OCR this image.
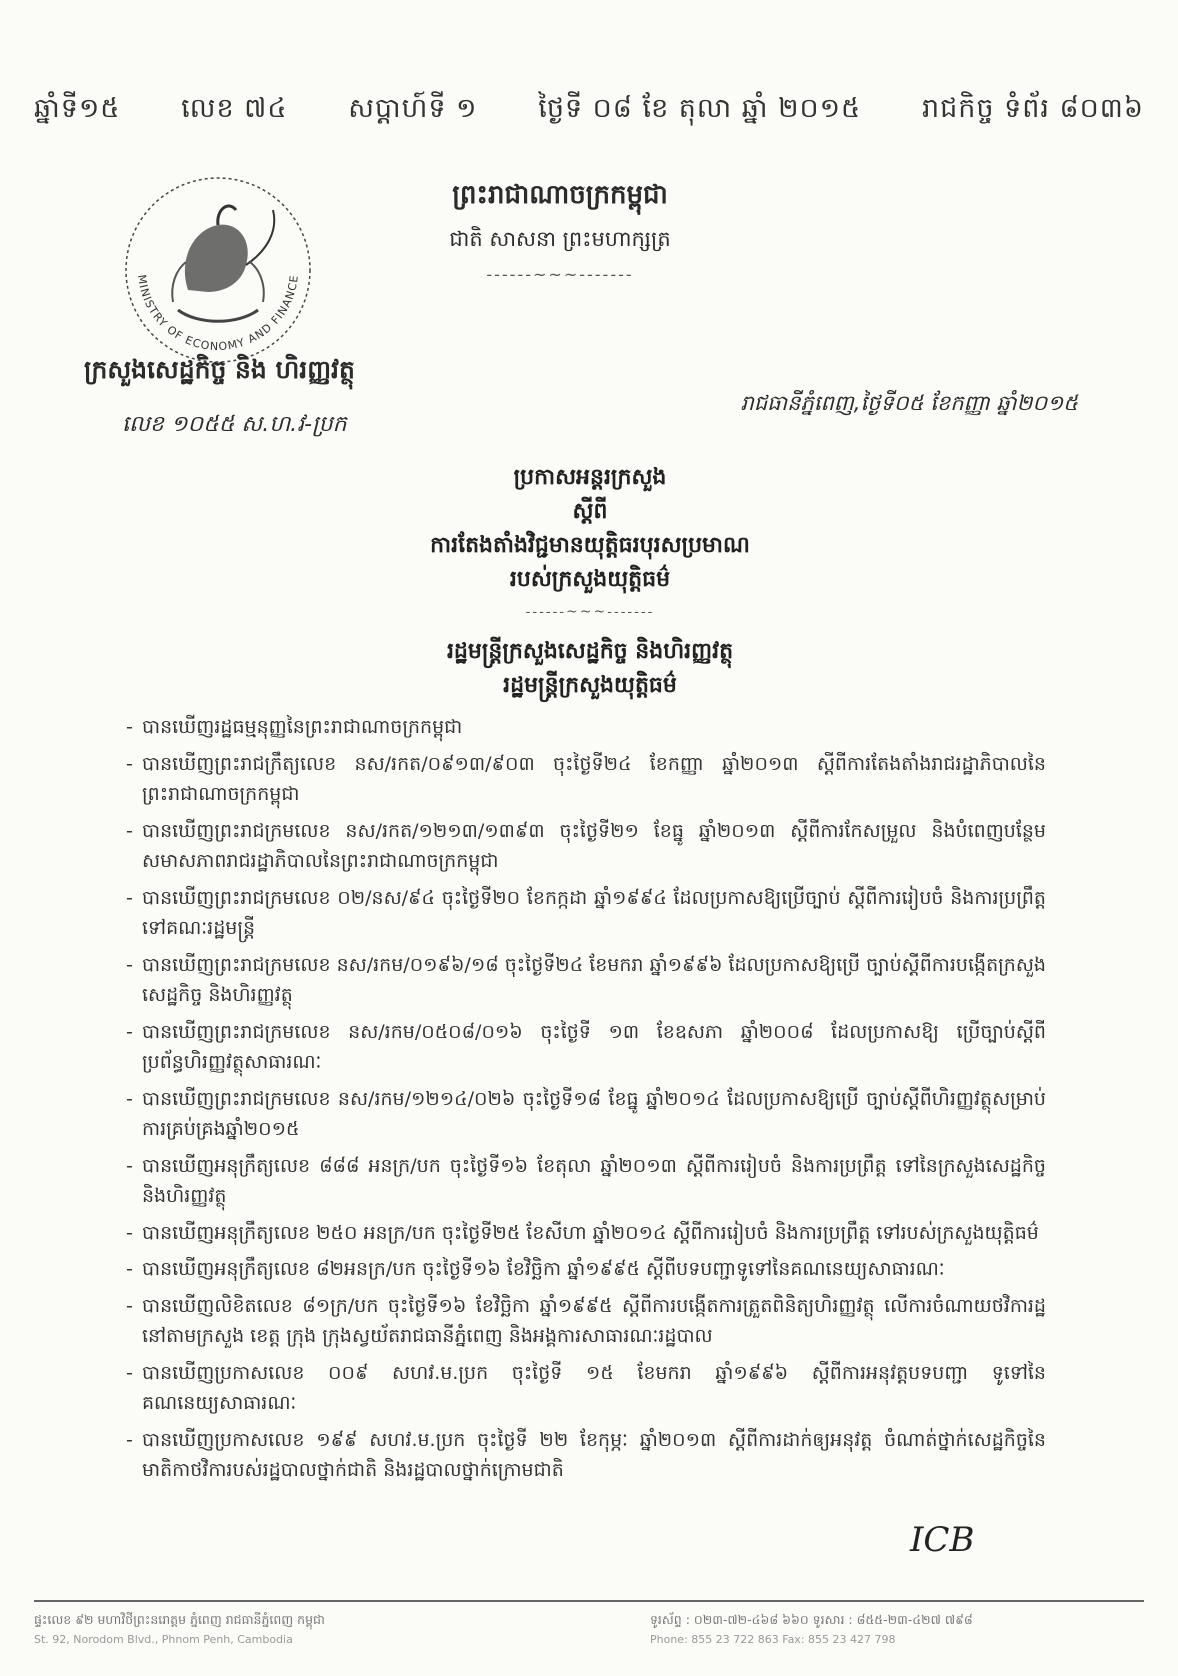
ឆ្នាំទី១៥ លេខ ៧៤ សប្តាហ៍ទី ១ ថ្ងៃទី ០៨ ខែ តុលា ឆ្នាំ ២០១៥ រាជកិច្ច ទំព័រ ៨០៣៦
MINISTRY OF ECONOMY AND FINANCE
ព្រះរាជាណាចក្រកម្ពុជា
ជាតិ សាសនា ព្រះមហាក្សត្រ
------~~~-------
ក្រសួងសេដ្ឋកិច្ច និង ហិរញ្ញវត្ថុ
លេខ ១០៥៥ ស.ហ.វ-ប្រក
រាជធានីភ្នំពេញ,ថ្ងៃទី០៥ ខែកញ្ញា ឆ្នាំ២០១៥
ប្រកាសអន្តរក្រសួង
ស្តីពី
ការតែងតាំងវិជ្ជមានយុត្តិធរបុរសប្រមាណ
របស់ក្រសួងយុត្តិធម៌
------~~~-------
រដ្ឋមន្ត្រីក្រសួងសេដ្ឋកិច្ច និងហិរញ្ញវត្ថុ
រដ្ឋមន្ត្រីក្រសួងយុត្តិធម៌
- បានឃើញរដ្ឋធម្មនុញ្ញនៃព្រះរាជាណាចក្រកម្ពុជា
- បានឃើញព្រះរាជក្រឹត្យលេខ នស/រកត/០៩១៣/៩០៣ ចុះថ្ងៃទី២៤ ខែកញ្ញា ឆ្នាំ២០១៣ ស្តីពីការតែងតាំងរាជរដ្ឋាភិបាលនៃព្រះរាជាណាចក្រកម្ពុជា
- បានឃើញព្រះរាជក្រមលេខ នស/រកត/១២១៣/១៣៩៣ ចុះថ្ងៃទី២១ ខែធ្នូ ឆ្នាំ២០១៣ ស្តីពីការកែសម្រួល និងបំពេញបន្ថែមសមាសភាពរាជរដ្ឋាភិបាលនៃព្រះរាជាណាចក្រកម្ពុជា
- បានឃើញព្រះរាជក្រមលេខ ០២/នស/៩៤ ចុះថ្ងៃទី២០ ខែកក្កដា ឆ្នាំ១៩៩៤ ដែលប្រកាសឱ្យប្រើច្បាប់ ស្តីពីការរៀបចំ និងការប្រព្រឹត្តទៅគណៈរដ្ឋមន្ត្រី
- បានឃើញព្រះរាជក្រមលេខ នស/រកម/០១៩៦/១៨ ចុះថ្ងៃទី២៤ ខែមករា ឆ្នាំ១៩៩៦ ដែលប្រកាសឱ្យប្រើ ច្បាប់ស្តីពីការបង្កើតក្រសួងសេដ្ឋកិច្ច និងហិរញ្ញវត្ថុ
- បានឃើញព្រះរាជក្រមលេខ នស/រកម/០៥០៨/០១៦ ចុះថ្ងៃទី ១៣ ខែឧសភា ឆ្នាំ២០០៨ ដែលប្រកាសឱ្យ ប្រើច្បាប់ស្តីពីប្រព័ន្ធហិរញ្ញវត្ថុសាធារណៈ
- បានឃើញព្រះរាជក្រមលេខ នស/រកម/១២១៤/០២៦ ចុះថ្ងៃទី១៨ ខែធ្នូ ឆ្នាំ២០១៤ ដែលប្រកាសឱ្យប្រើ ច្បាប់ស្តីពីហិរញ្ញវត្ថុសម្រាប់ការគ្រប់គ្រងឆ្នាំ២០១៥
- បានឃើញអនុក្រឹត្យលេខ ៨៨៨ អនក្រ/បក ចុះថ្ងៃទី១៦ ខែតុលា ឆ្នាំ២០១៣ ស្តីពីការរៀបចំ និងការប្រព្រឹត្ត ទៅនៃក្រសួងសេដ្ឋកិច្ច និងហិរញ្ញវត្ថុ
- បានឃើញអនុក្រឹត្យលេខ ២៥០ អនក្រ/បក ចុះថ្ងៃទី២៥ ខែសីហា ឆ្នាំ២០១៤ ស្តីពីការរៀបចំ និងការប្រព្រឹត្ត ទៅរបស់ក្រសួងយុត្តិធម៌
- បានឃើញអនុក្រឹត្យលេខ ៨២អនក្រ/បក ចុះថ្ងៃទី១៦ ខែវិច្ឆិកា ឆ្នាំ១៩៩៥ ស្តីពីបទបញ្ជាទូទៅនៃគណនេយ្យសាធារណៈ
- បានឃើញលិខិតលេខ ៨១ក្រ/បក ចុះថ្ងៃទី១៦ ខែវិច្ឆិកា ឆ្នាំ១៩៩៥ ស្តីពីការបង្កើតការត្រួតពិនិត្យហិរញ្ញវត្ថុ លើការចំណាយថវិការដ្ឋ នៅតាមក្រសួង ខេត្ត ក្រុង ក្រុងស្វយ័តរាជធានីភ្នំពេញ និងអង្គការសាធារណៈរដ្ឋបាល
- បានឃើញប្រកាសលេខ ០០៩ សហវ.ម.ប្រក ចុះថ្ងៃទី ១៥ ខែមករា ឆ្នាំ១៩៩៦ ស្តីពីការអនុវត្តបទបញ្ជា ទូទៅនៃគណនេយ្យសាធារណៈ
- បានឃើញប្រកាសលេខ ១៩៩ សហវ.ម.ប្រក ចុះថ្ងៃទី ២២ ខែកុម្ភៈ ឆ្នាំ២០១៣ ស្តីពីការដាក់ឲ្យអនុវត្ត ចំណាត់ថ្នាក់សេដ្ឋកិច្ចនៃមាតិកាថវិការបស់រដ្ឋបាលថ្នាក់ជាតិ និងរដ្ឋបាលថ្នាក់ក្រោមជាតិ
ICB
ផ្ទះលេខ ៩២ មហាវិថីព្រះនរោត្តម ភ្នំពេញ រាជធានីភ្នំពេញ កម្ពុជា
St. 92, Norodom Blvd., Phnom Penh, Cambodia
ទូរស័ព្ទ : ០២៣-៧២-៤៦៨ ៦៦០ ទូរសារ : ៨៥៥-២៣-៤២៧ ៧៩៨
Phone: 855 23 722 863 Fax: 855 23 427 798
